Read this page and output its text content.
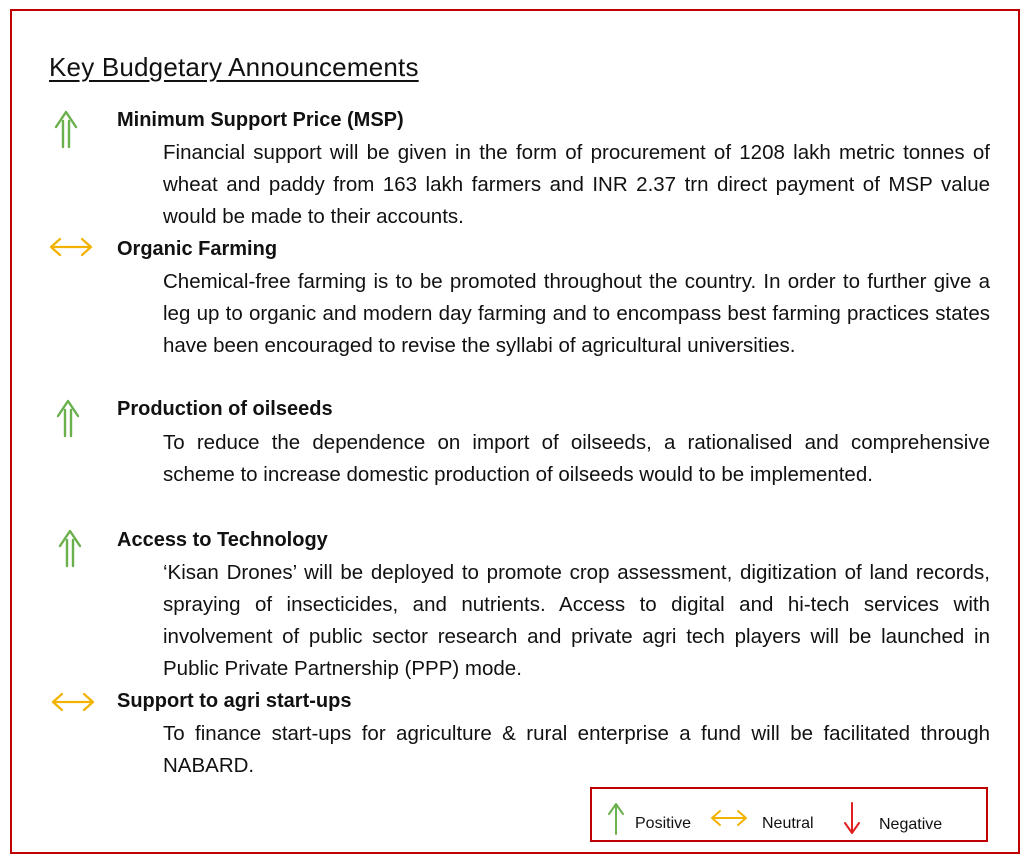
Key Budgetary Announcements
Minimum Support Price (MSP)

Financial support will be given in the form of procurement of 1208 lakh metric tonnes of wheat and paddy from 163 lakh farmers and INR 2.37 trn direct payment of MSP value would be made to their accounts.

Organic Farming

Chemical-free farming is to be promoted throughout the country. In order to further give a leg up to organic and modern day farming and to encompass best farming practices states have been encouraged to revise the syllabi of agricultural universities.

Production of oilseeds

To reduce the dependence on import of oilseeds, a rationalised and comprehensive scheme to increase domestic production of oilseeds would to be implemented.

Access to Technology

‘Kisan Drones’ will be deployed to promote crop assessment, digitization of land records, spraying of insecticides, and nutrients. Access to digital and hi-tech services with involvement of public sector research and private agri tech players will be launched in Public Private Partnership (PPP) mode.

Support to agri start-ups

To finance start-ups for agriculture & rural enterprise a fund will be facilitated through NABARD.

Positive	Neutral	Negative
